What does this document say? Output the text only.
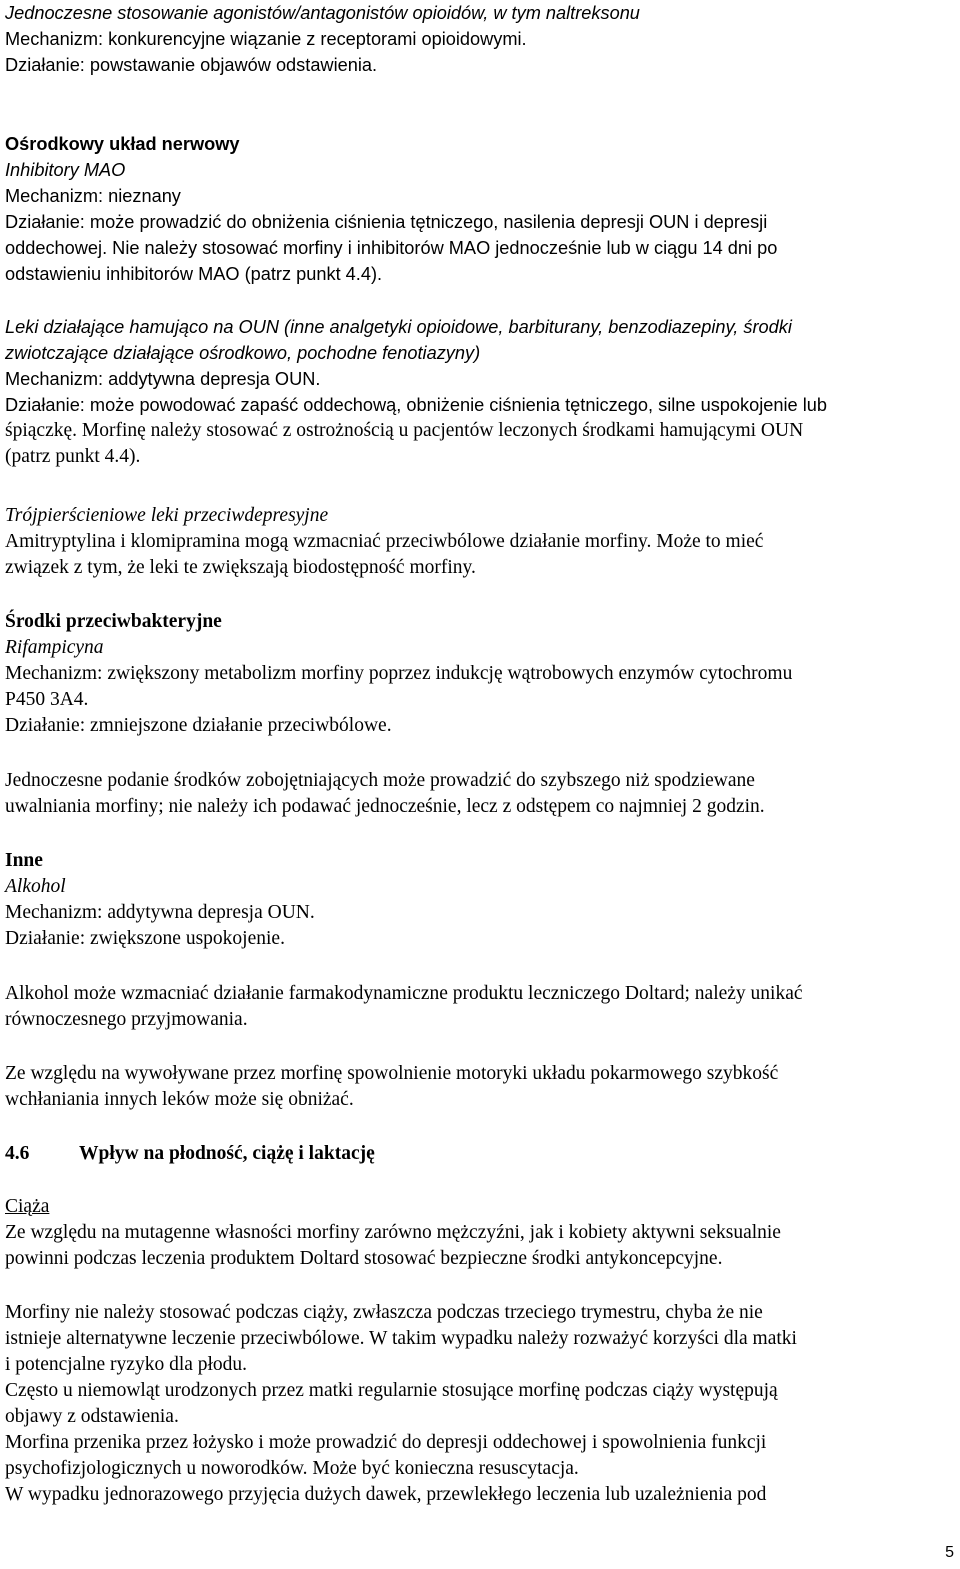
Jednoczesne stosowanie agonistów/antagonistów opioidów, w tym naltreksonu
Mechanizm: konkurencyjne wiązanie z receptorami opioidowymi.
Działanie: powstawanie objawów odstawienia.
Ośrodkowy układ nerwowy
Inhibitory MAO
Mechanizm: nieznany
Działanie: może prowadzić do obniżenia ciśnienia tętniczego, nasilenia depresji OUN i depresji
oddechowej. Nie należy stosować morfiny i inhibitorów MAO jednocześnie lub w ciągu 14 dni po
odstawieniu inhibitorów MAO (patrz punkt 4.4).
Leki działające hamująco na OUN (inne analgetyki opioidowe, barbiturany, benzodiazepiny, środki
zwiotczające działające ośrodkowo, pochodne fenotiazyny)
Mechanizm: addytywna depresja OUN.
Działanie: może powodować zapaść oddechową, obniżenie ciśnienia tętniczego, silne uspokojenie lub
śpiączkę. Morfinę należy stosować z ostrożnością u pacjentów leczonych środkami hamującymi OUN
(patrz punkt 4.4).
Trójpierścieniowe leki przeciwdepresyjne
Amitryptylina i klomipramina mogą wzmacniać przeciwbólowe działanie morfiny. Może to mieć
związek z tym, że leki te zwiększają biodostępność morfiny.
Środki przeciwbakteryjne
Rifampicyna
Mechanizm: zwiększony metabolizm morfiny poprzez indukcję wątrobowych enzymów cytochromu
P450 3A4.
Działanie: zmniejszone działanie przeciwbólowe.
Jednoczesne podanie środków zobojętniających może prowadzić do szybszego niż spodziewane
uwalniania morfiny; nie należy ich podawać jednocześnie, lecz z odstępem co najmniej 2 godzin.
Inne
Alkohol
Mechanizm: addytywna depresja OUN.
Działanie: zwiększone uspokojenie.
Alkohol może wzmacniać działanie farmakodynamiczne produktu leczniczego Doltard; należy unikać
równoczesnego przyjmowania.
Ze względu na wywoływane przez morfinę spowolnienie motoryki układu pokarmowego szybkość
wchłaniania innych leków może się obniżać.
4.6	Wpływ na płodność, ciążę i laktację
Ciąża
Ze względu na mutagenne własności morfiny zarówno mężczyźni, jak i kobiety aktywni seksualnie
powinni podczas leczenia produktem Doltard stosować bezpieczne środki antykoncepcyjne.
Morfiny nie należy stosować podczas ciąży, zwłaszcza podczas trzeciego trymestru, chyba że nie
istnieje alternatywne leczenie przeciwbólowe. W takim wypadku należy rozważyć korzyści dla matki
i potencjalne ryzyko dla płodu.
Często u niemowląt urodzonych przez matki regularnie stosujące morfinę podczas ciąży występują
objawy z odstawienia.
Morfina przenika przez łożysko i może prowadzić do depresji oddechowej i spowolnienia funkcji
psychofizjologicznych u noworodków. Może być konieczna resuscytacja.
W wypadku jednorazowego przyjęcia dużych dawek, przewlekłego leczenia lub uzależnienia pod
5
